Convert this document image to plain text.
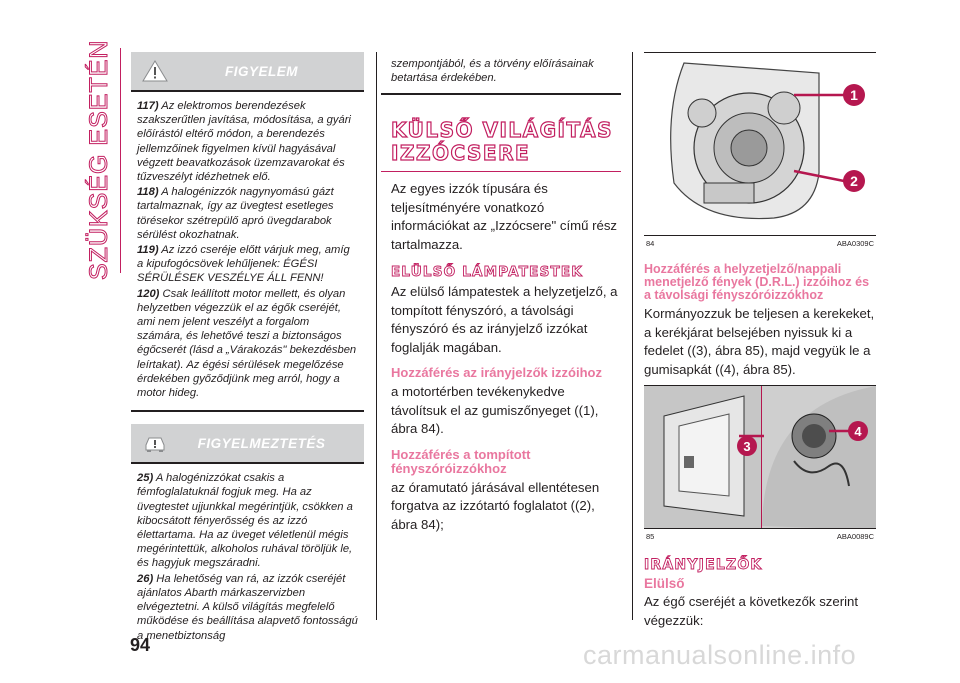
SZÜKSÉG ESETÉN	FIGYELEM

117) Az elektromos berendezések szakszerűtlen javítása, módosítása, a gyári előírástól eltérő módon, a berendezés jellemzőinek figyelmen kívül hagyásával végzett beavatkozások üzemzavarokat és tűzveszélyt idézhetnek elő.

118) A halogénizzók nagynyomású gázt tartalmaznak, így az üvegtest esetleges törésekor szétrepülő apró üvegdarabok sérülést okozhatnak.

119) Az izzó cseréje előtt várjuk meg, amíg a kipufogócsövek lehűljenek: ÉGÉSI SÉRÜLÉSEK VESZÉLYE ÁLL FENN!

120) Csak leállított motor mellett, és olyan helyzetben végezzük el az égők cseréjét, ami nem jelent veszélyt a forgalom számára, és lehetővé teszi a biztonságos égőcserét (lásd a „Várakozás" bekezdésben leírtakat). Az égési sérülések megelőzése érdekében győződjünk meg arról, hogy a motor hideg.

FIGYELMEZTETÉS

25) A halogénizzókat csakis a fémfoglalatuknál fogjuk meg. Ha az üvegtestet ujjunkkal megérintjük, csökken a kibocsátott fényerősség és az izzó élettartama. Ha az üveget véletlenül mégis megérintettük, alkoholos ruhával töröljük le, és hagyjuk megszáradni.

26) Ha lehetőség van rá, az izzók cseréjét ajánlatos Abarth márkaszervizben elvégeztetni. A külső világítás megfelelő működése és beállítása alapvető fontosságú a menetbiztonság

szempontjából, és a törvény előírásainak betartása érdekében.
KÜLSŐ VILÁGÍTÁS IZZÓCSERE
Az egyes izzók típusára és teljesítményére vonatkozó információkat az „Izzócsere" című rész tartalmazza.
ELÜLSŐ LÁMPATESTEK
Az elülső lámpatestek a helyzetjelző, a tompított fényszóró, a távolsági fényszóró és az irányjelző izzókat foglalják magában.
Hozzáférés az irányjelzők izzóihoz
a motortérben tevékenykedve távolítsuk el az gumiszőnyeget ((1), ábra 84).
Hozzáférés a tompított fényszóróizzókhoz
az óramutató járásával ellentétesen forgatva az izzótartó foglalatot ((2), ábra 84);
1
2
84	ABA0309C
Hozzáférés a helyzetjelző/nappali menetjelző fények (D.R.L.) izzóihoz és a távolsági fényszóróizzókhoz
Kormányozzuk be teljesen a kerekeket, a kerékjárat belsejében nyissuk ki a fedelet ((3), ábra 85), majd vegyük le a gumisapkát ((4), ábra 85).
3
4
85	ABA0089C
IRÁNYJELZŐK
Elülső
Az égő cseréjét a következők szerint végezzük:
94	carmanualsonline.info
